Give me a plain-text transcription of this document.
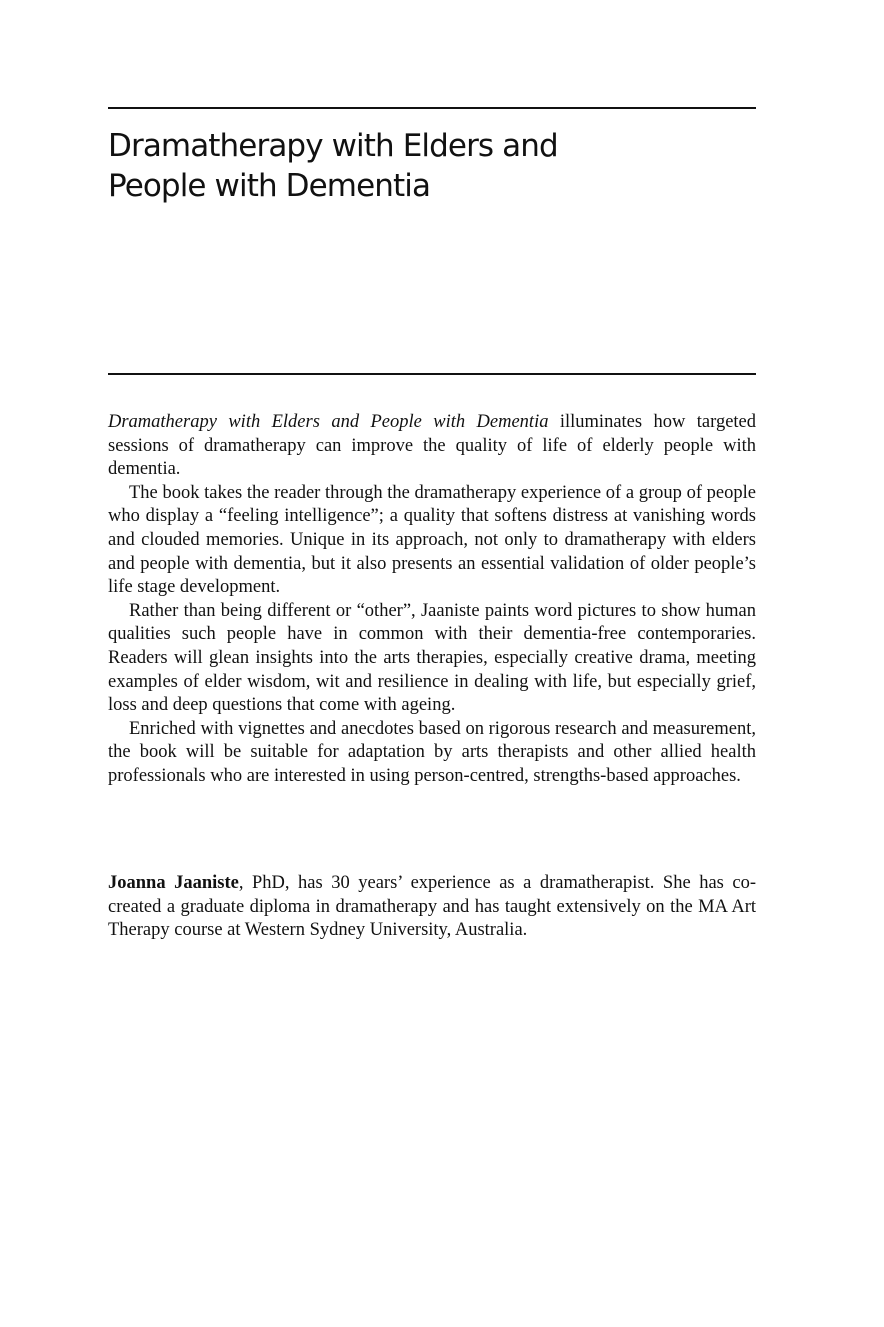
Dramatherapy with Elders and
People with Dementia

Dramatherapy with Elders and People with Dementia illuminates how targeted sessions of dramatherapy can improve the quality of life of elderly people with dementia.

The book takes the reader through the dramatherapy experience of a group of people who display a “feeling intelligence”; a quality that softens distress at vanishing words and clouded memories. Unique in its approach, not only to dramatherapy with elders and people with dementia, but it also presents an essential validation of older people’s life stage development.

Rather than being different or “other”, Jaaniste paints word pictures to show human qualities such people have in common with their dementia-free contemporaries. Readers will glean insights into the arts therapies, especially creative drama, meeting examples of elder wisdom, wit and resilience in dealing with life, but especially grief, loss and deep questions that come with ageing.

Enriched with vignettes and anecdotes based on rigorous research and measurement, the book will be suitable for adaptation by arts therapists and other allied health professionals who are interested in using person-centred, strengths-based approaches.

Joanna Jaaniste, PhD, has 30 years’ experience as a dramatherapist. She has co-created a graduate diploma in dramatherapy and has taught extensively on the MA Art Therapy course at Western Sydney University, Australia.
